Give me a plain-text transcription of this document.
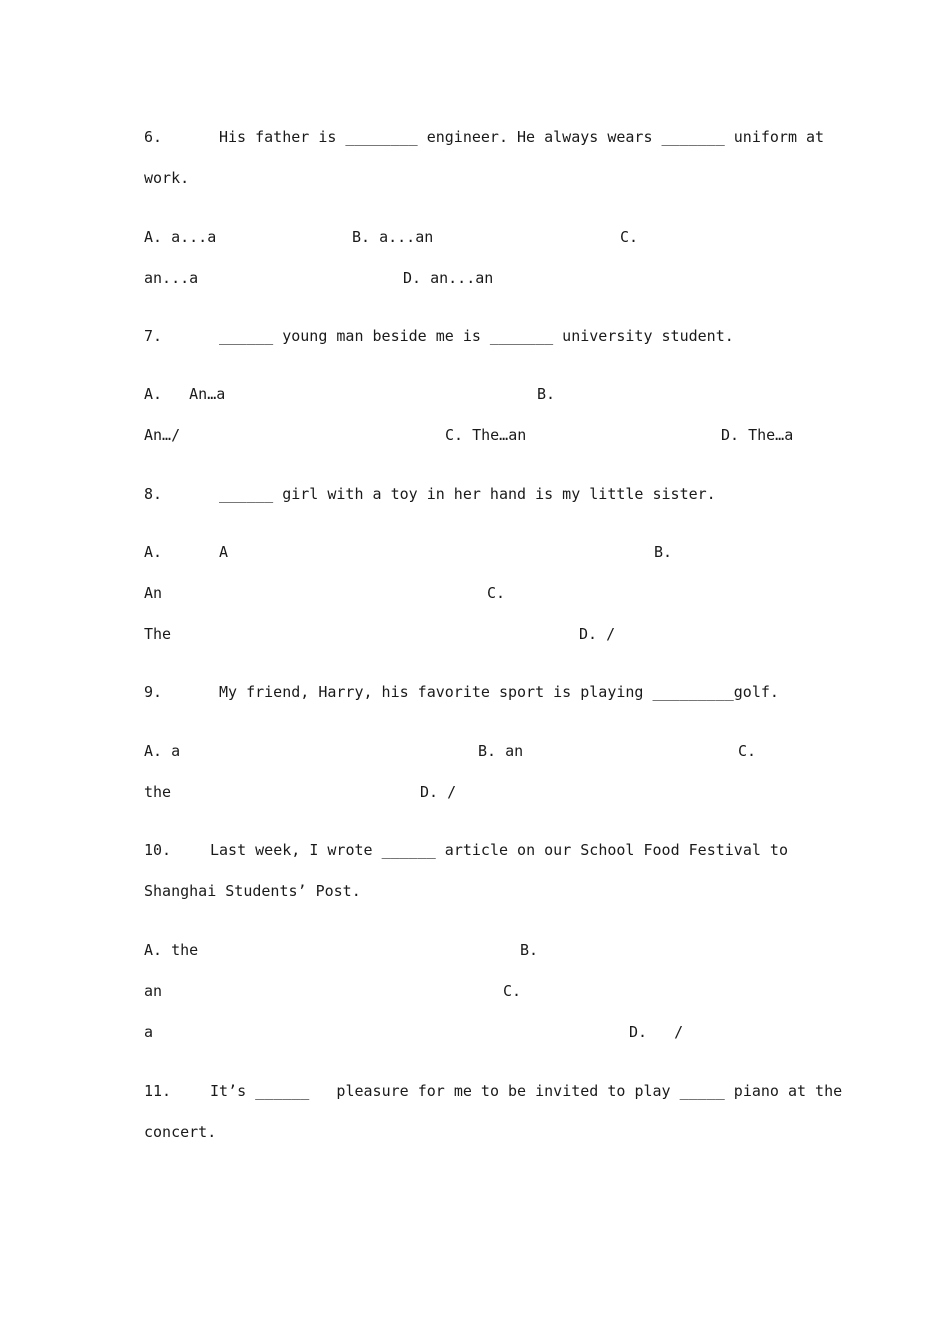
6.	His father is ________ engineer. He always wears _______ uniform at
work.
A. a...a	B. a...an	C.
an...a	D. an...an
7.	______ young man beside me is _______ university student.
A.   An…a	B.
An…/	C. The…an	D. The…a
8.	______ girl with a toy in her hand is my little sister.
A.	A	B.
An	C.
The	D. /
9.	My friend, Harry, his favorite sport is playing _________golf.
A. a	B. an	C.
the	D. /
10.	Last week, I wrote ______ article on our School Food Festival to
Shanghai Students’ Post.
A. the	B.
an	C.
a	D.   /
11.	It’s ______   pleasure for me to be invited to play _____ piano at the
concert.
